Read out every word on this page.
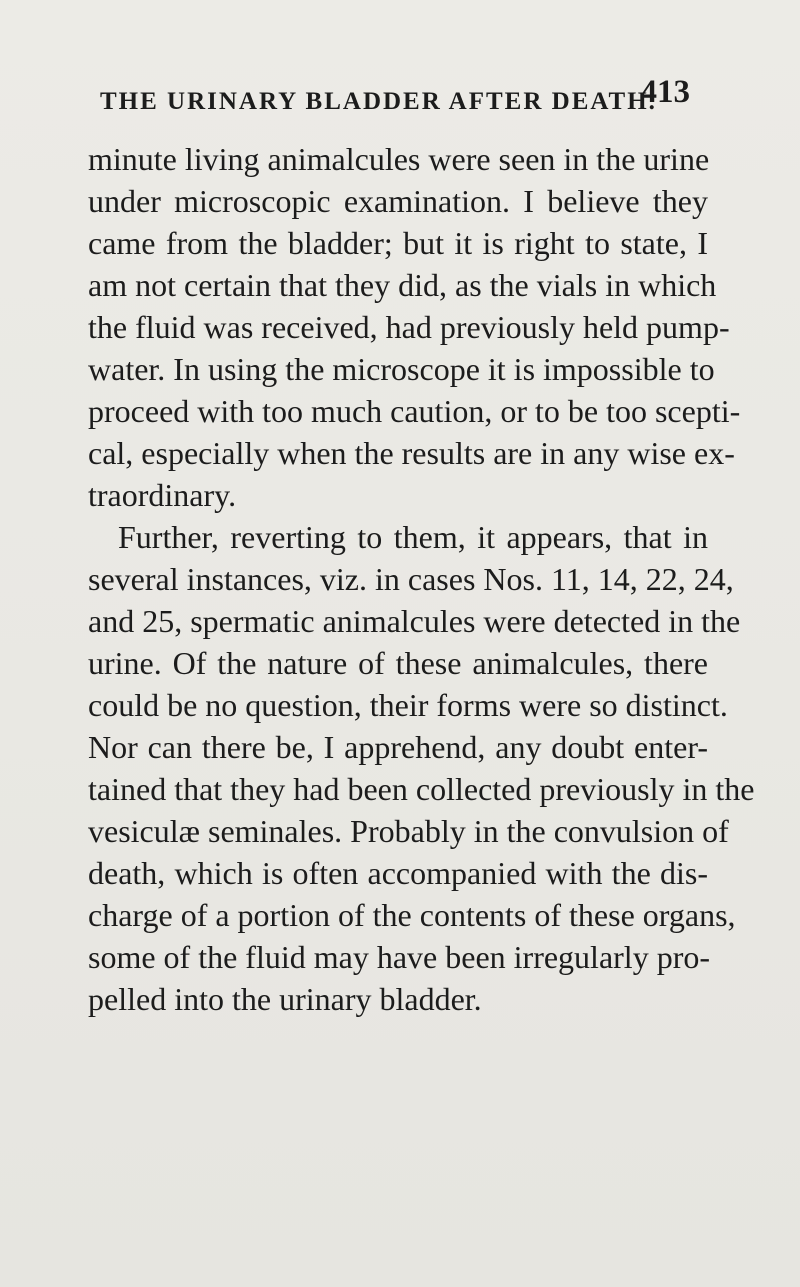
THE URINARY BLADDER AFTER DEATH.
413
minute living animalcules were seen in the urine
under microscopic examination. I believe they
came from the bladder; but it is right to state, I
am not certain that they did, as the vials in which
the fluid was received, had previously held pump-
water. In using the microscope it is impossible to
proceed with too much caution, or to be too scepti-
cal, especially when the results are in any wise ex-
traordinary.
Further, reverting to them, it appears, that in
several instances, viz. in cases Nos. 11, 14, 22, 24,
and 25, spermatic animalcules were detected in the
urine. Of the nature of these animalcules, there
could be no question, their forms were so distinct.
Nor can there be, I apprehend, any doubt enter-
tained that they had been collected previously in the
vesiculæ seminales. Probably in the convulsion of
death, which is often accompanied with the dis-
charge of a portion of the contents of these organs,
some of the fluid may have been irregularly pro-
pelled into the urinary bladder.
